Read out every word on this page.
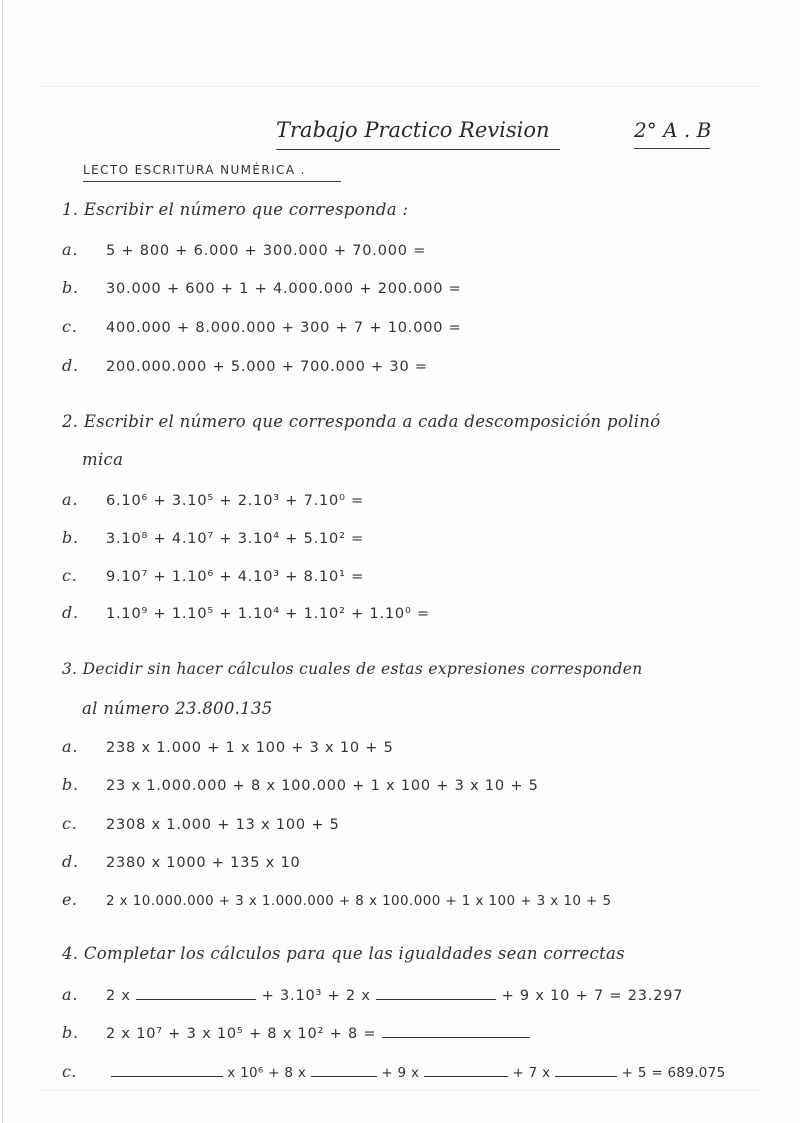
Trabajo Practico Revision	2° A . B
LECTO ESCRITURA NUMÉRICA .
1. Escribir el número que corresponda :
a. 5 + 800 + 6.000 + 300.000 + 70.000 =
b. 30.000 + 600 + 1 + 4.000.000 + 200.000 =
c. 400.000 + 8.000.000 + 300 + 7 + 10.000 =
d. 200.000.000 + 5.000 + 700.000 + 30 =
2. Escribir el número que corresponda a cada descomposición polinó
mica
a. 6.10⁶ + 3.10⁵ + 2.10³ + 7.10⁰ =
b. 3.10⁸ + 4.10⁷ + 3.10⁴ + 5.10² =
c. 9.10⁷ + 1.10⁶ + 4.10³ + 8.10¹ =
d. 1.10⁹ + 1.10⁵ + 1.10⁴ + 1.10² + 1.10⁰ =
3. Decidir sin hacer cálculos cuales de estas expresiones corresponden
al número 23.800.135
a. 238 x 1.000 + 1 x 100 + 3 x 10 + 5
b. 23 x 1.000.000 + 8 x 100.000 + 1 x 100 + 3 x 10 + 5
c. 2308 x 1.000 + 13 x 100 + 5
d. 2380 x 1000 + 135 x 10
e. 2 x 10.000.000 + 3 x 1.000.000 + 8 x 100.000 + 1 x 100 + 3 x 10 + 5
4. Completar los cálculos para que las igualdades sean correctas
a. 2 x	+ 3.10³ + 2 x	+ 9 x 10 + 7 = 23.297
b. 2 x 10⁷ + 3 x 10⁵ + 8 x 10² + 8 =
c.	x 10⁶ + 8 x	+ 9 x	+ 7 x	+ 5 = 689.075
